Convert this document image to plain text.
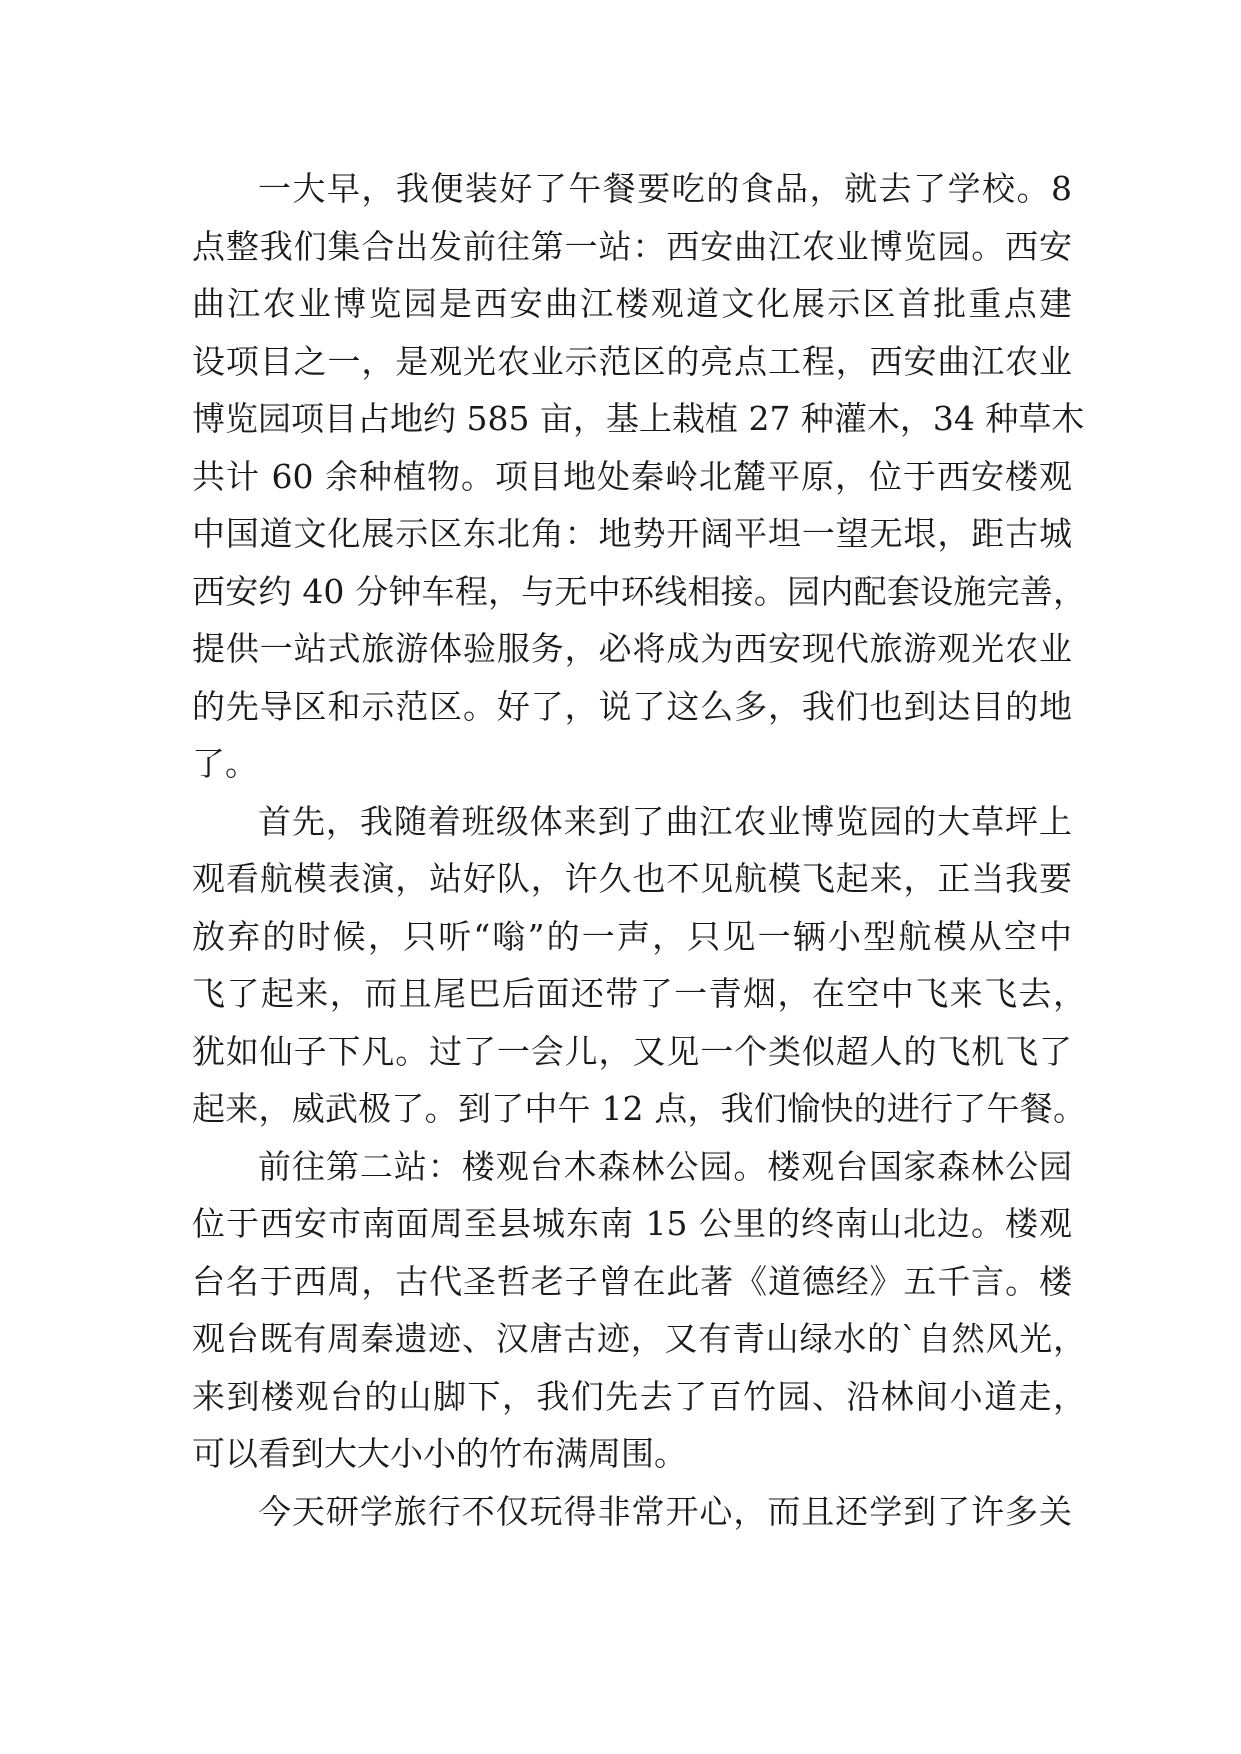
一大早，我便装好了午餐要吃的食品，就去了学校。8
点整我们集合出发前往第一站：西安曲江农业博览园。西安
曲江农业博览园是西安曲江楼观道文化展示区首批重点建
设项目之一，是观光农业示范区的亮点工程，西安曲江农业
博览园项目占地约 585 亩，基上栽植 27 种灌木，34 种草木
共计 60 余种植物。项目地处秦岭北麓平原，位于西安楼观
中国道文化展示区东北角：地势开阔平坦一望无垠，距古城
西安约 40 分钟车程，与无中环线相接。园内配套设施完善，
提供一站式旅游体验服务，必将成为西安现代旅游观光农业
的先导区和示范区。好了，说了这么多，我们也到达目的地
了。
首先，我随着班级体来到了曲江农业博览园的大草坪上
观看航模表演，站好队，许久也不见航模飞起来，正当我要
放弃的时候，只听“嗡”的一声，只见一辆小型航模从空中
飞了起来，而且尾巴后面还带了一青烟，在空中飞来飞去，
犹如仙子下凡。过了一会儿，又见一个类似超人的飞机飞了
起来，威武极了。到了中午 12 点，我们愉快的进行了午餐。
前往第二站：楼观台木森林公园。楼观台国家森林公园
位于西安市南面周至县城东南 15 公里的终南山北边。楼观
台名于西周，古代圣哲老子曾在此著《道德经》五千言。楼
观台既有周秦遗迹、汉唐古迹，又有青山绿水的`自然风光，
来到楼观台的山脚下，我们先去了百竹园、沿林间小道走，
可以看到大大小小的竹布满周围。
今天研学旅行不仅玩得非常开心，而且还学到了许多关
